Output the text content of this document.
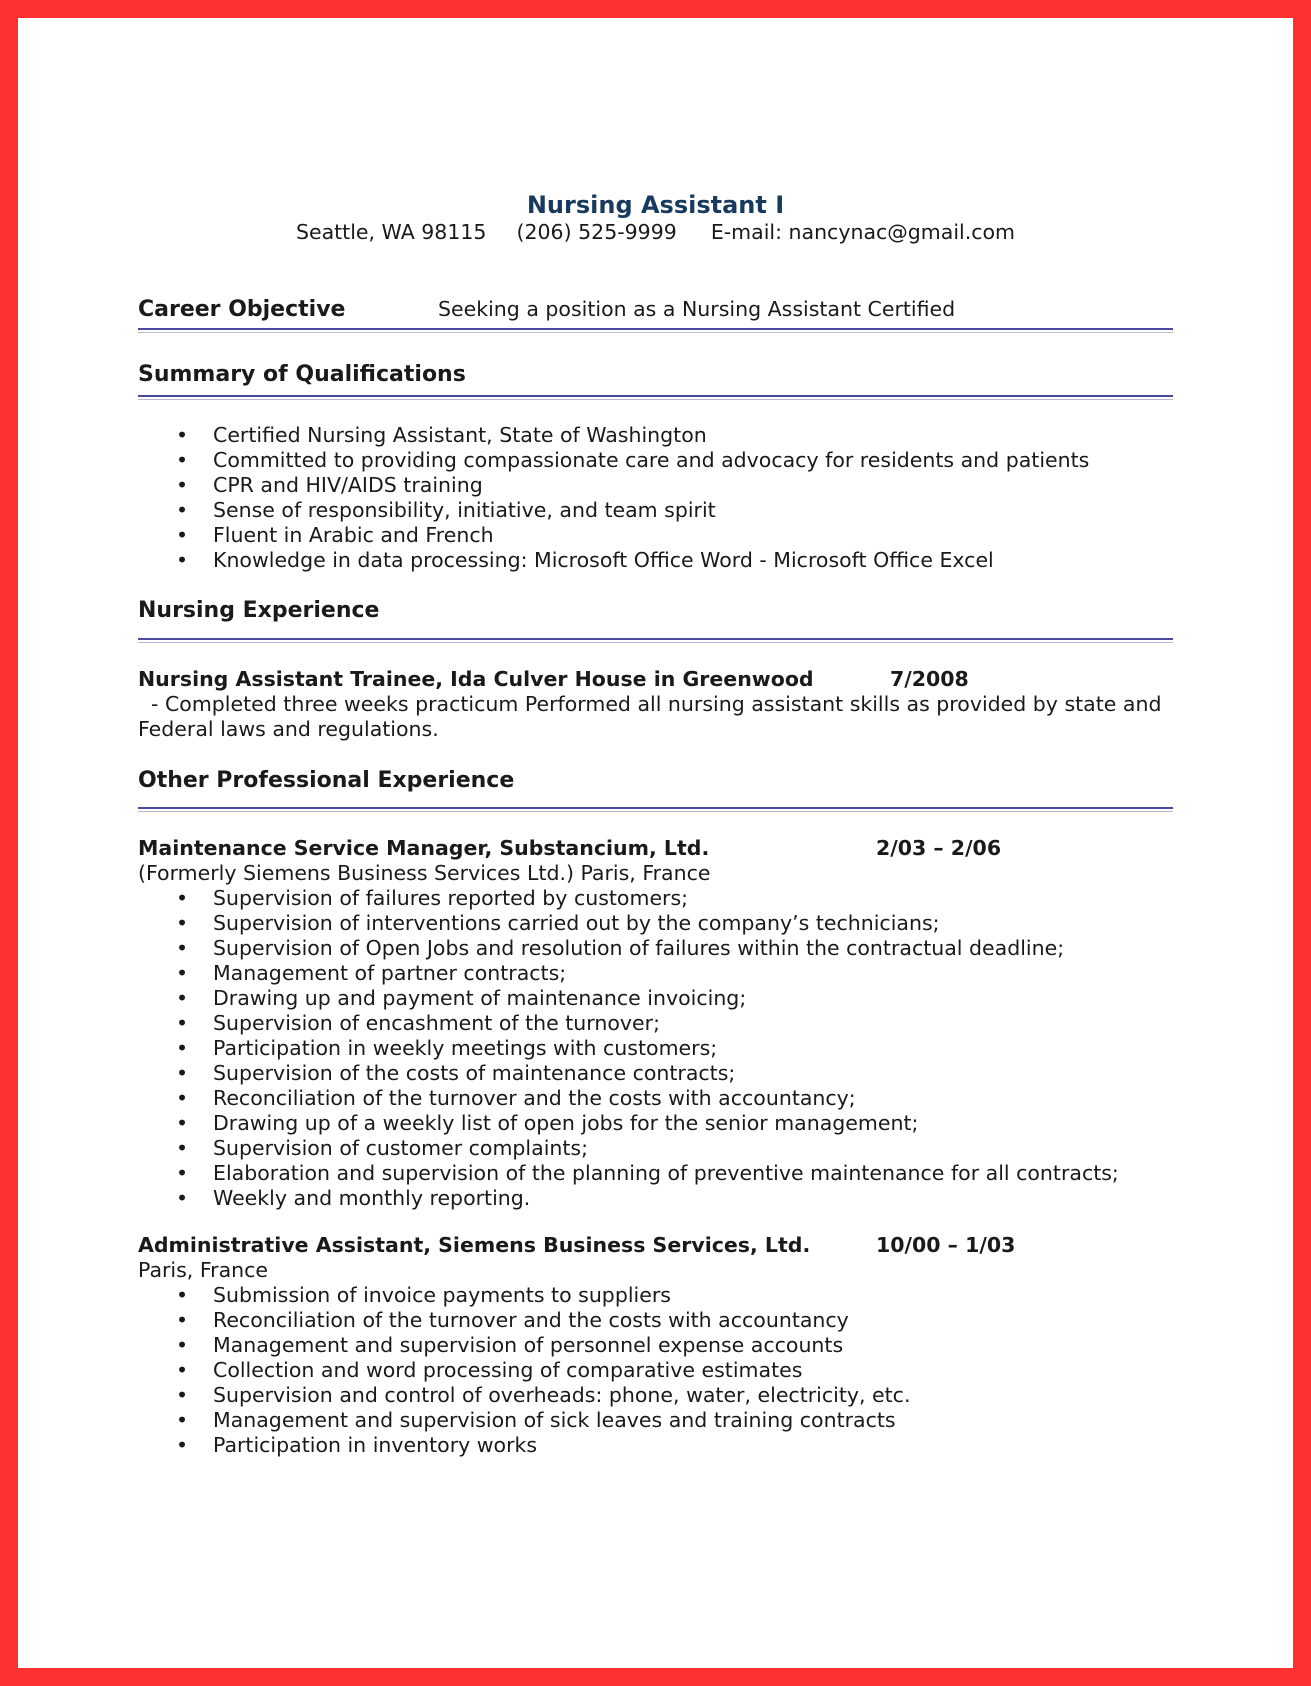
Nursing Assistant I

Seattle, WA 98115 (206) 525-9999 E-mail: nancynac@gmail.com

Career Objective	Seeking a position as a Nursing Assistant Certified
Summary of Qualifications
• Certified Nursing Assistant, State of Washington
• Committed to providing compassionate care and advocacy for residents and patients
• CPR and HIV/AIDS training
• Sense of responsibility, initiative, and team spirit
• Fluent in Arabic and French
• Knowledge in data processing: Microsoft Office Word - Microsoft Office Excel
Nursing Experience
Nursing Assistant Trainee, Ida Culver House in Greenwood	7/2008

- Completed three weeks practicum Performed all nursing assistant skills as provided by state and Federal laws and regulations.

Other Professional Experience
Maintenance Service Manager, Substancium, Ltd.	2/03 – 2/06

(Formerly Siemens Business Services Ltd.) Paris, France

• Supervision of failures reported by customers;
• Supervision of interventions carried out by the company’s technicians;
• Supervision of Open Jobs and resolution of failures within the contractual deadline;
• Management of partner contracts;
• Drawing up and payment of maintenance invoicing;
• Supervision of encashment of the turnover;
• Participation in weekly meetings with customers;
• Supervision of the costs of maintenance contracts;
• Reconciliation of the turnover and the costs with accountancy;
• Drawing up of a weekly list of open jobs for the senior management;
• Supervision of customer complaints;
• Elaboration and supervision of the planning of preventive maintenance for all contracts;
• Weekly and monthly reporting.
Administrative Assistant, Siemens Business Services, Ltd.	10/00 – 1/03

Paris, France

• Submission of invoice payments to suppliers
• Reconciliation of the turnover and the costs with accountancy
• Management and supervision of personnel expense accounts
• Collection and word processing of comparative estimates
• Supervision and control of overheads: phone, water, electricity, etc.
• Management and supervision of sick leaves and training contracts
• Participation in inventory works
